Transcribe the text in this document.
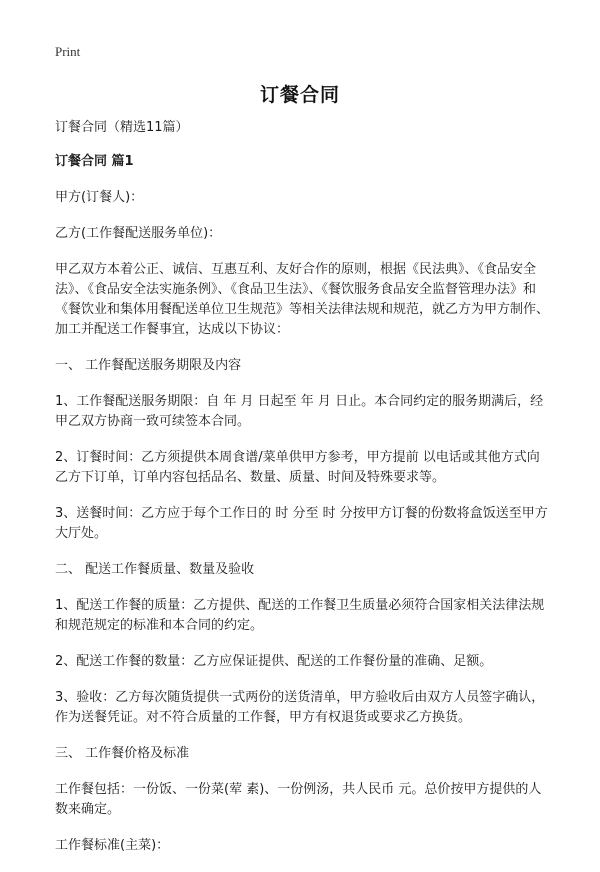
Print
订餐合同

订餐合同（精选11篇）

订餐合同 篇1

甲方(订餐人)：

乙方(工作餐配送服务单位)：

甲乙双方本着公正、诚信、互惠互利、友好合作的原则，根据《民法典》、《食品安全法》、《食品安全法实施条例》、《食品卫生法》、《餐饮服务食品安全监督管理办法》和《餐饮业和集体用餐配送单位卫生规范》等相关法律法规和规范，就乙方为甲方制作、加工并配送工作餐事宜，达成以下协议：

一、 工作餐配送服务期限及内容

1、工作餐配送服务期限：自 年 月 日起至 年 月 日止。本合同约定的服务期满后，经甲乙双方协商一致可续签本合同。

2、订餐时间：乙方须提供本周食谱/菜单供甲方参考，甲方提前 以电话或其他方式向乙方下订单，订单内容包括品名、数量、质量、时间及特殊要求等。

3、送餐时间：乙方应于每个工作日的 时 分至 时 分按甲方订餐的份数将盒饭送至甲方大厅处。

二、 配送工作餐质量、数量及验收

1、配送工作餐的质量：乙方提供、配送的工作餐卫生质量必须符合国家相关法律法规和规范规定的标准和本合同的约定。

2、配送工作餐的数量：乙方应保证提供、配送的工作餐份量的准确、足额。

3、验收：乙方每次随货提供一式两份的送货清单，甲方验收后由双方人员签字确认，作为送餐凭证。对不符合质量的工作餐，甲方有权退货或要求乙方换货。

三、 工作餐价格及标准

工作餐包括：一份饭、一份菜(荤 素)、一份例汤，共人民币 元。总价按甲方提供的人数来确定。

工作餐标准(主菜)：
